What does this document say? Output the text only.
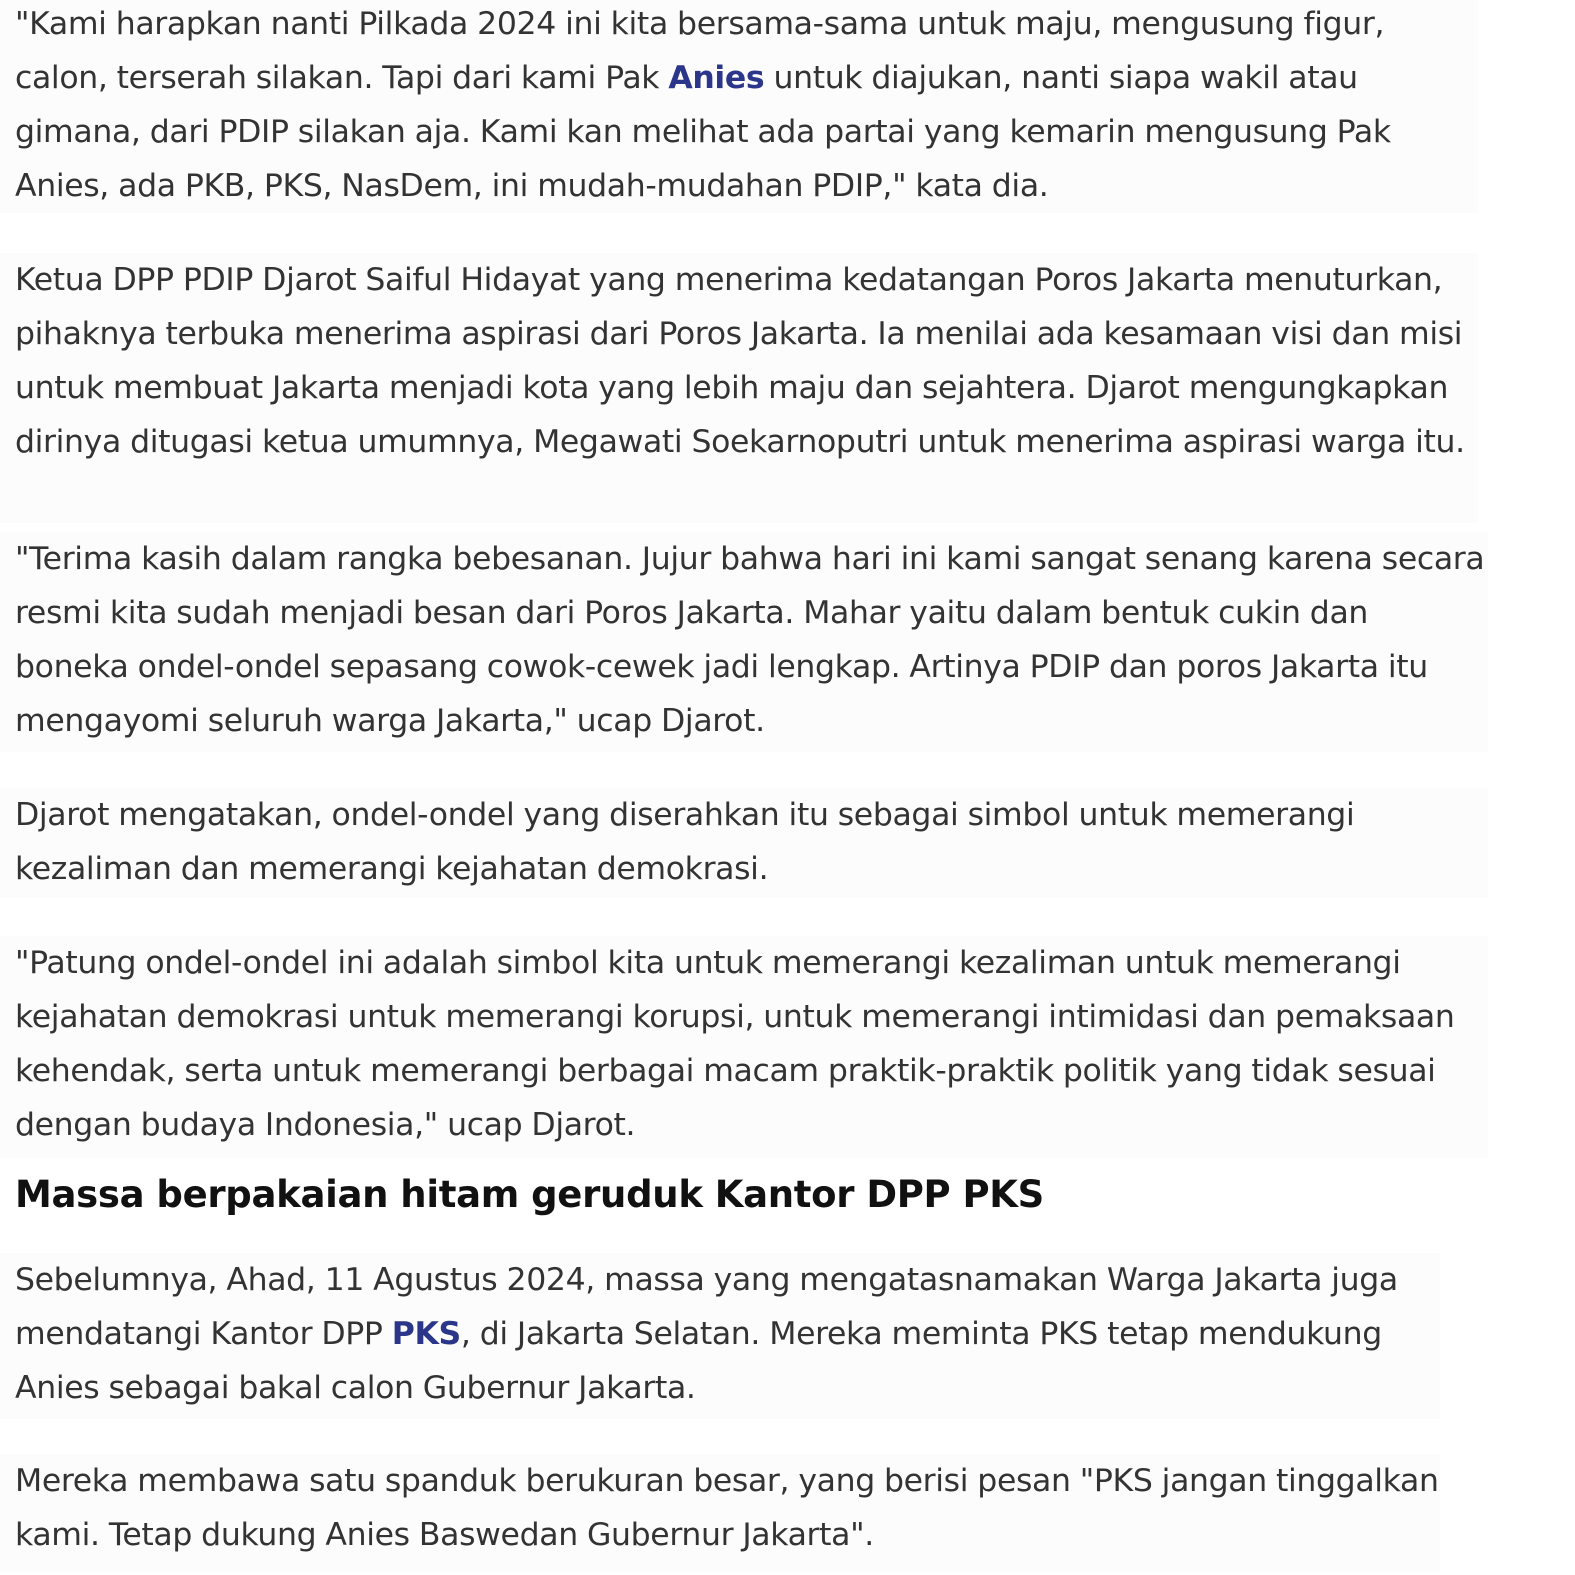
"Kami harapkan nanti Pilkada 2024 ini kita bersama-sama untuk maju, mengusung figur, calon, terserah silakan. Tapi dari kami Pak Anies untuk diajukan, nanti siapa wakil atau gimana, dari PDIP silakan aja. Kami kan melihat ada partai yang kemarin mengusung Pak Anies, ada PKB, PKS, NasDem, ini mudah-mudahan PDIP," kata dia.

Ketua DPP PDIP Djarot Saiful Hidayat yang menerima kedatangan Poros Jakarta menuturkan, pihaknya terbuka menerima aspirasi dari Poros Jakarta. Ia menilai ada kesamaan visi dan misi untuk membuat Jakarta menjadi kota yang lebih maju dan sejahtera. Djarot mengungkapkan dirinya ditugasi ketua umumnya, Megawati Soekarnoputri untuk menerima aspirasi warga itu.

"Terima kasih dalam rangka bebesanan. Jujur bahwa hari ini kami sangat senang karena secara resmi kita sudah menjadi besan dari Poros Jakarta. Mahar yaitu dalam bentuk cukin dan boneka ondel-ondel sepasang cowok-cewek jadi lengkap. Artinya PDIP dan poros Jakarta itu mengayomi seluruh warga Jakarta," ucap Djarot.

Djarot mengatakan, ondel-ondel yang diserahkan itu sebagai simbol untuk memerangi kezaliman dan memerangi kejahatan demokrasi.

"Patung ondel-ondel ini adalah simbol kita untuk memerangi kezaliman untuk memerangi kejahatan demokrasi untuk memerangi korupsi, untuk memerangi intimidasi dan pemaksaan kehendak, serta untuk memerangi berbagai macam praktik-praktik politik yang tidak sesuai dengan budaya Indonesia," ucap Djarot.

Massa berpakaian hitam geruduk Kantor DPP PKS

Sebelumnya, Ahad, 11 Agustus 2024, massa yang mengatasnamakan Warga Jakarta juga mendatangi Kantor DPP PKS, di Jakarta Selatan. Mereka meminta PKS tetap mendukung Anies sebagai bakal calon Gubernur Jakarta.

Mereka membawa satu spanduk berukuran besar, yang berisi pesan "PKS jangan tinggalkan kami. Tetap dukung Anies Baswedan Gubernur Jakarta".
